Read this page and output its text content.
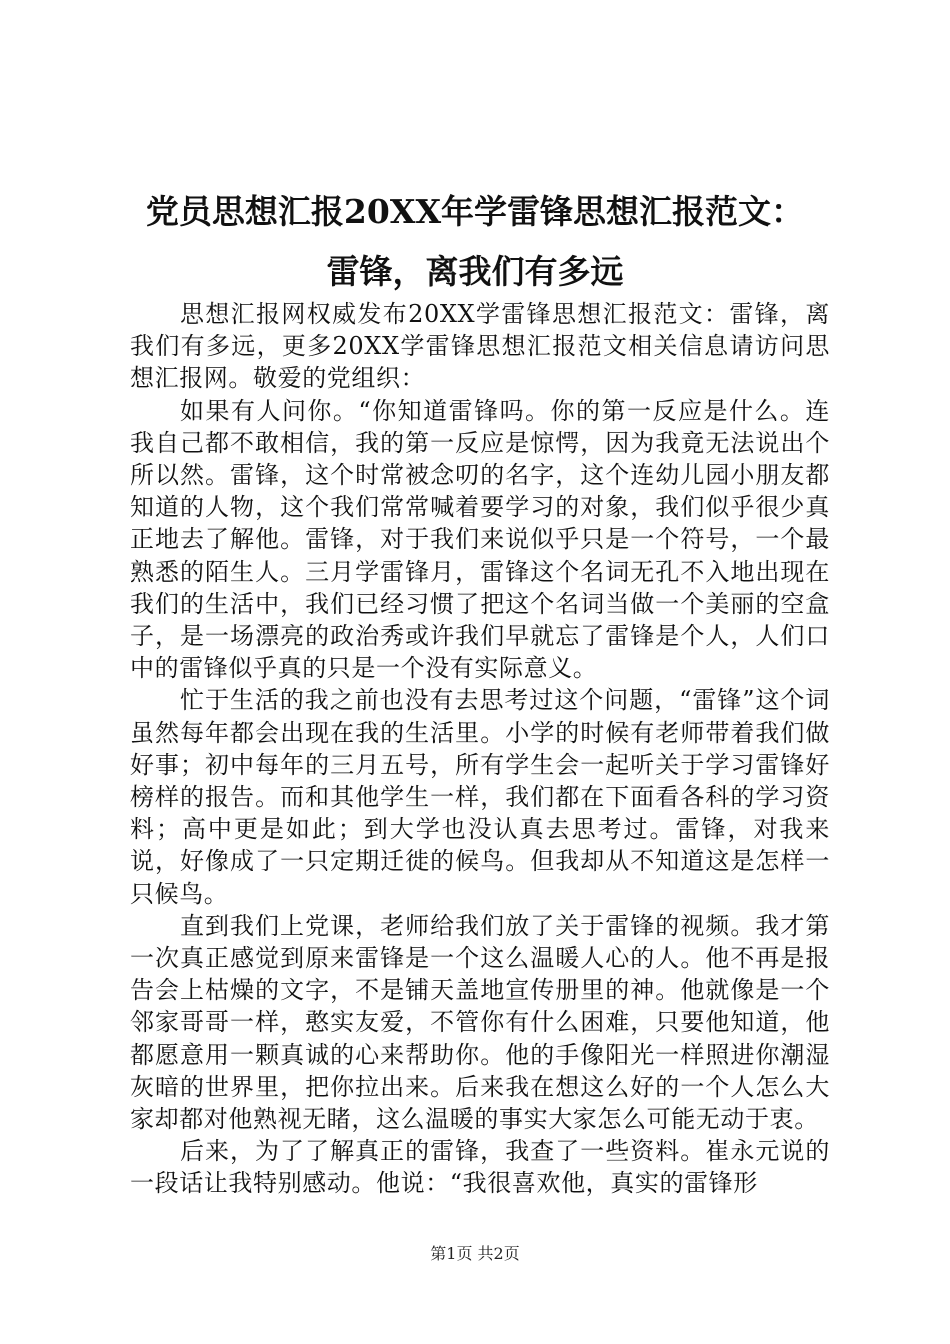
党员思想汇报20XX年学雷锋思想汇报范文：
雷锋，离我们有多远

思想汇报网权威发布20XX学雷锋思想汇报范文：雷锋，离我们有多远，更多20XX学雷锋思想汇报范文相关信息请访问思想汇报网。敬爱的党组织：

如果有人问你。“你知道雷锋吗。你的第一反应是什么。连我自己都不敢相信，我的第一反应是惊愕，因为我竟无法说出个所以然。雷锋，这个时常被念叨的名字，这个连幼儿园小朋友都知道的人物，这个我们常常喊着要学习的对象，我们似乎很少真正地去了解他。雷锋，对于我们来说似乎只是一个符号，一个最熟悉的陌生人。三月学雷锋月，雷锋这个名词无孔不入地出现在我们的生活中，我们已经习惯了把这个名词当做一个美丽的空盒子，是一场漂亮的政治秀或许我们早就忘了雷锋是个人，人们口中的雷锋似乎真的只是一个没有实际意义。

忙于生活的我之前也没有去思考过这个问题，“雷锋”这个词虽然每年都会出现在我的生活里。小学的时候有老师带着我们做好事；初中每年的三月五号，所有学生会一起听关于学习雷锋好榜样的报告。而和其他学生一样，我们都在下面看各科的学习资料；高中更是如此；到大学也没认真去思考过。雷锋，对我来说，好像成了一只定期迁徙的候鸟。但我却从不知道这是怎样一只候鸟。

直到我们上党课，老师给我们放了关于雷锋的视频。我才第一次真正感觉到原来雷锋是一个这么温暖人心的人。他不再是报告会上枯燥的文字，不是铺天盖地宣传册里的神。他就像是一个邻家哥哥一样，憨实友爱，不管你有什么困难，只要他知道，他都愿意用一颗真诚的心来帮助你。他的手像阳光一样照进你潮湿灰暗的世界里，把你拉出来。后来我在想这么好的一个人怎么大家却都对他熟视无睹，这么温暖的事实大家怎么可能无动于衷。

后来，为了了解真正的雷锋，我查了一些资料。崔永元说的一段话让我特别感动。他说：“我很喜欢他，真实的雷锋形

第1页 共2页
